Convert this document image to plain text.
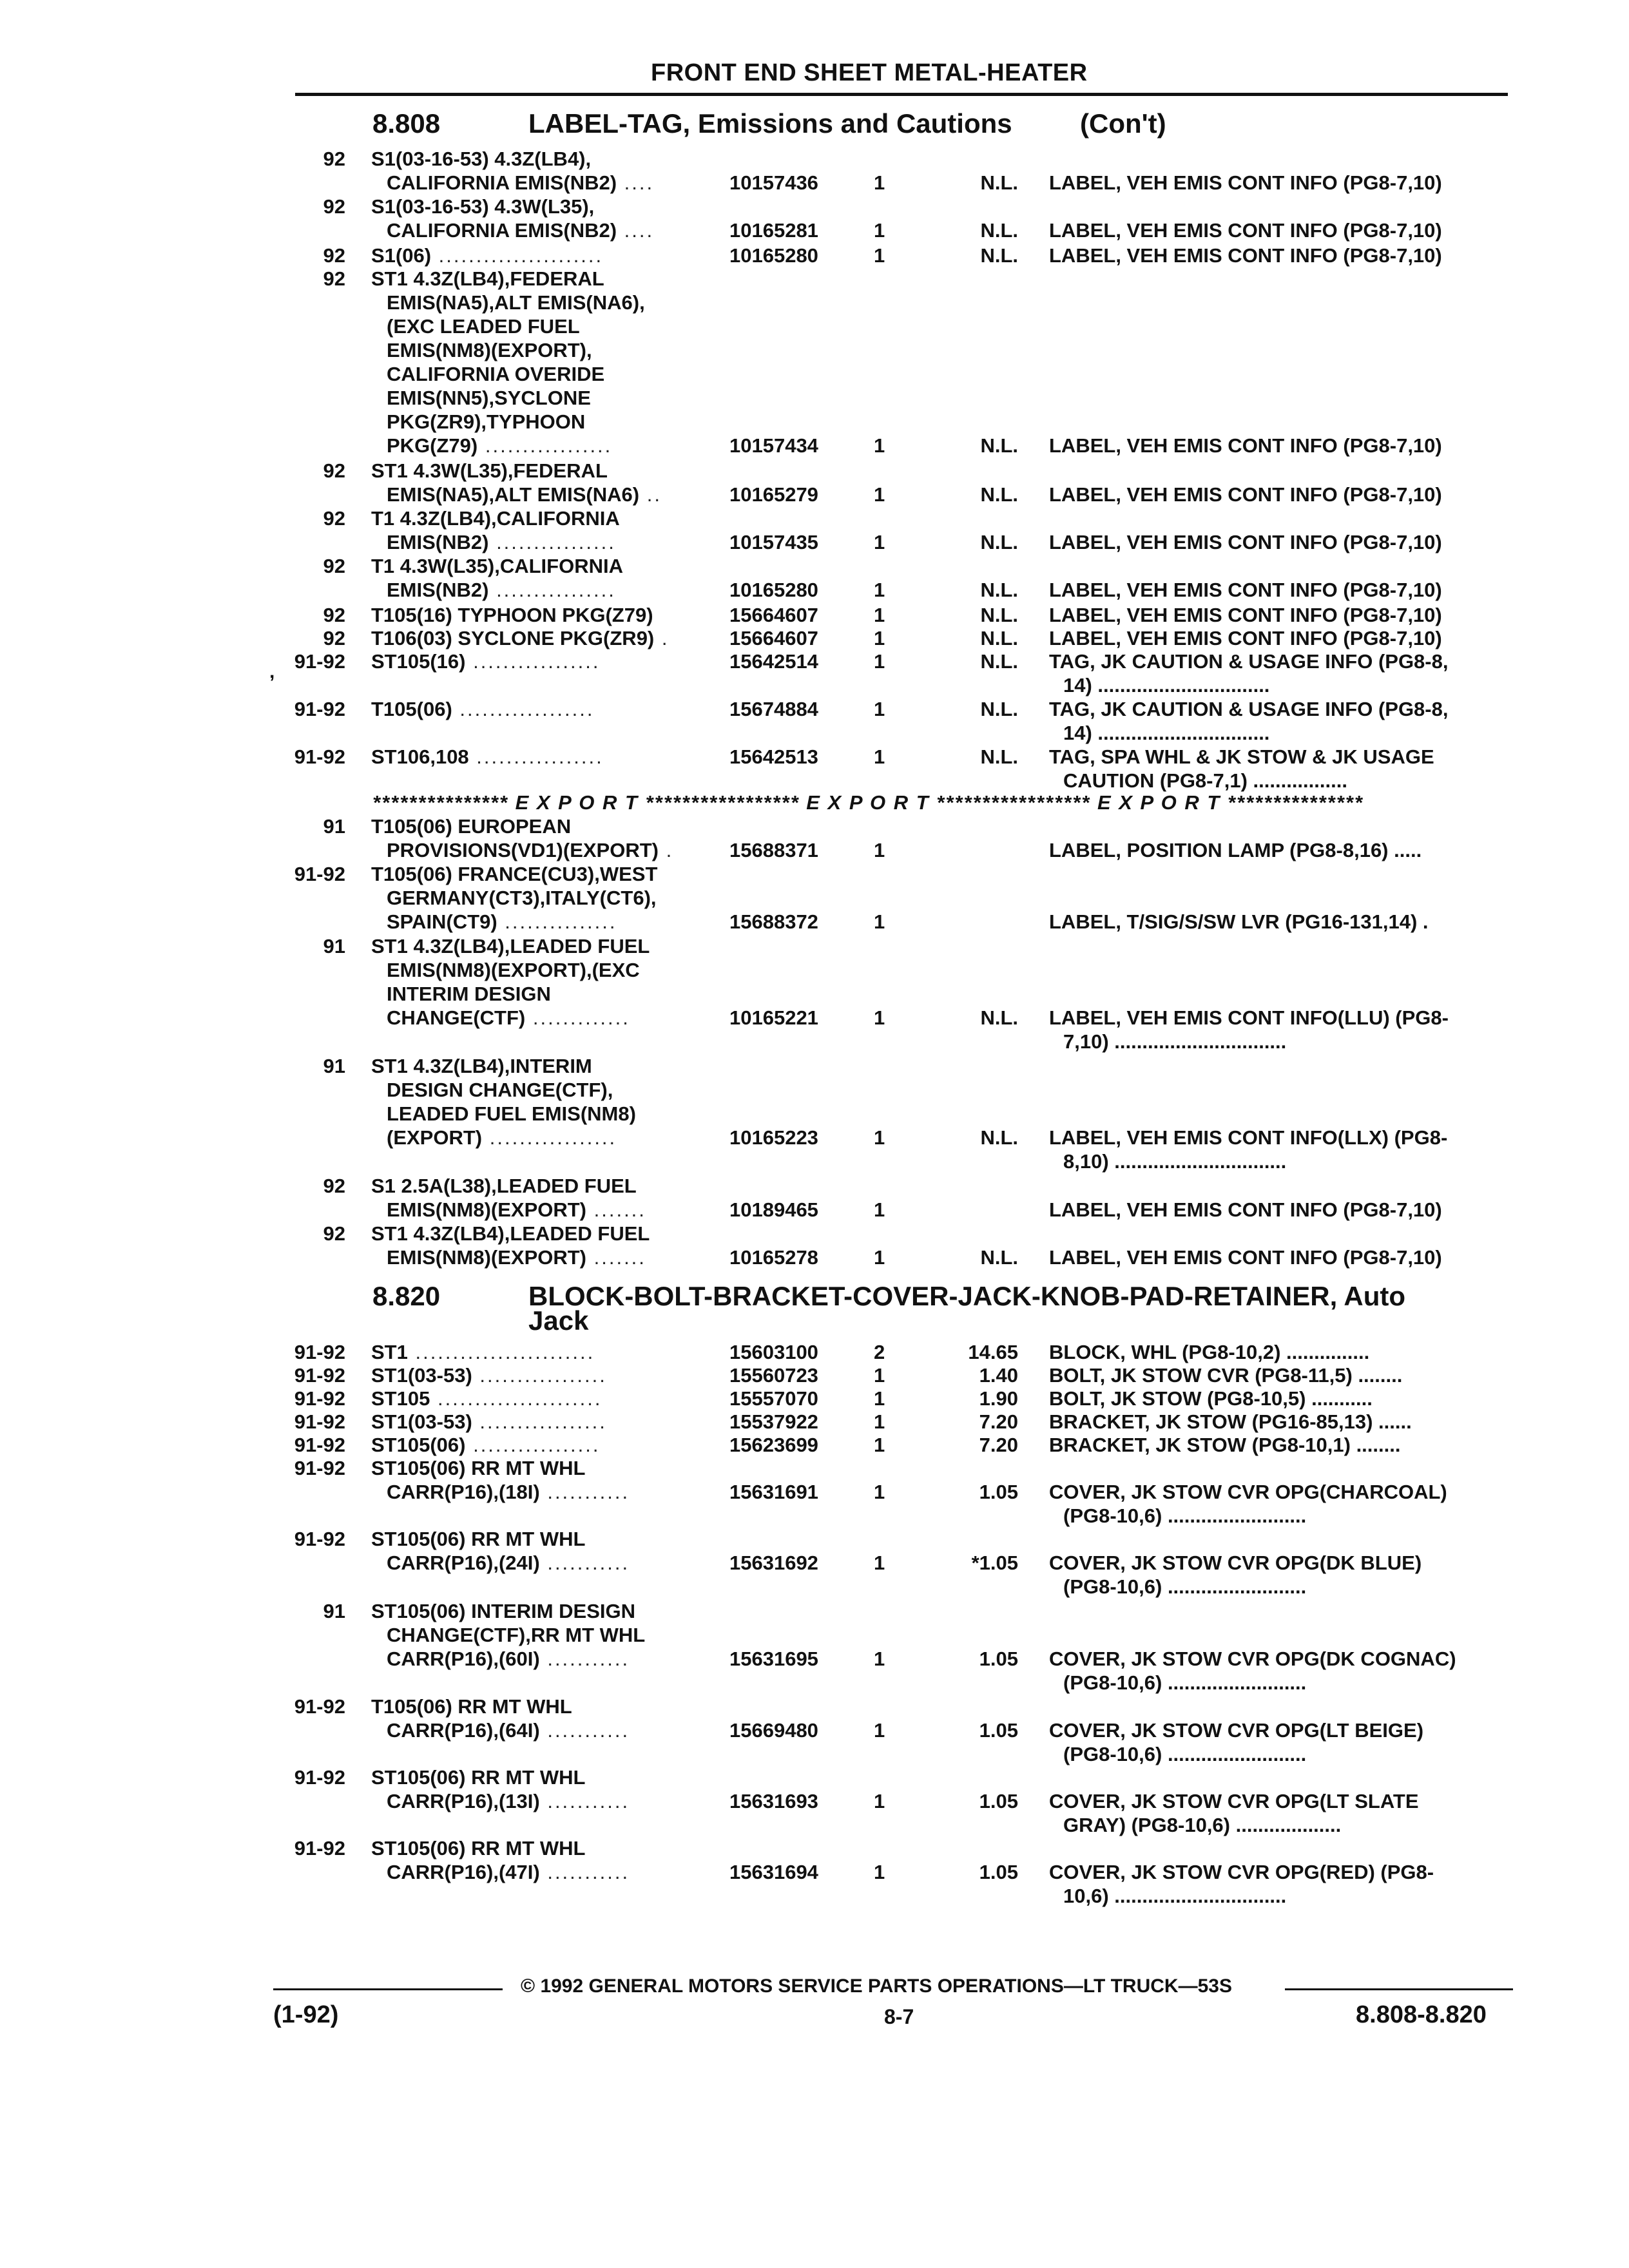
FRONT END SHEET METAL-HEATER
8.808	LABEL-TAG, Emissions and Cautions	(Con't)
92 S1(03-16-53) 4.3Z(LB4),
CALIFORNIA EMIS(NB2) ....	10157436	1	N.L. LABEL, VEH EMIS CONT INFO (PG8-7,10)
92 S1(03-16-53) 4.3W(L35),
CALIFORNIA EMIS(NB2) ....	10165281	1	N.L. LABEL, VEH EMIS CONT INFO (PG8-7,10)
92 S1(06) ......................	10165280	1	N.L. LABEL, VEH EMIS CONT INFO (PG8-7,10)
92 ST1 4.3Z(LB4),FEDERAL
EMIS(NA5),ALT EMIS(NA6),
(EXC LEADED FUEL
EMIS(NM8)(EXPORT),
CALIFORNIA OVERIDE
EMIS(NN5),SYCLONE
PKG(ZR9),TYPHOON
PKG(Z79) .................	10157434	1	N.L. LABEL, VEH EMIS CONT INFO (PG8-7,10)
92 ST1 4.3W(L35),FEDERAL
EMIS(NA5),ALT EMIS(NA6) ..	10165279	1	N.L. LABEL, VEH EMIS CONT INFO (PG8-7,10)
92 T1 4.3Z(LB4),CALIFORNIA
EMIS(NB2) ................	10157435	1	N.L. LABEL, VEH EMIS CONT INFO (PG8-7,10)
92 T1 4.3W(L35),CALIFORNIA
EMIS(NB2) ................	10165280	1	N.L. LABEL, VEH EMIS CONT INFO (PG8-7,10)
92 T105(16) TYPHOON PKG(Z79)	15664607	1	N.L. LABEL, VEH EMIS CONT INFO (PG8-7,10)
92 T106(03) SYCLONE PKG(ZR9) .	15664607	1	N.L. LABEL, VEH EMIS CONT INFO (PG8-7,10)
91-92 ST105(16) .................	15642514	1	N.L. TAG, JK CAUTION & USAGE INFO (PG8-8,
14) ...............................
91-92 T105(06) ..................	15674884	1	N.L. TAG, JK CAUTION & USAGE INFO (PG8-8,
14) ...............................
91-92 ST106,108 .................	15642513	1	N.L. TAG, SPA WHL & JK STOW & JK USAGE
CAUTION (PG8-7,1) .................
*************** E X P O R T ***************** E X P O R T ***************** E X P O R T ***************
91 T105(06) EUROPEAN
PROVISIONS(VD1)(EXPORT) .	15688371	1	LABEL, POSITION LAMP (PG8-8,16) .....
91-92 T105(06) FRANCE(CU3),WEST
GERMANY(CT3),ITALY(CT6),
SPAIN(CT9) ...............	15688372	1	LABEL, T/SIG/S/SW LVR (PG16-131,14) .
91 ST1 4.3Z(LB4),LEADED FUEL
EMIS(NM8)(EXPORT),(EXC
INTERIM DESIGN
CHANGE(CTF) .............	10165221	1	N.L. LABEL, VEH EMIS CONT INFO(LLU) (PG8-
7,10) ...............................
91 ST1 4.3Z(LB4),INTERIM
DESIGN CHANGE(CTF),
LEADED FUEL EMIS(NM8)
(EXPORT) .................	10165223	1	N.L. LABEL, VEH EMIS CONT INFO(LLX) (PG8-
8,10) ...............................
92 S1 2.5A(L38),LEADED FUEL
EMIS(NM8)(EXPORT) .......	10189465	1	LABEL, VEH EMIS CONT INFO (PG8-7,10)
92 ST1 4.3Z(LB4),LEADED FUEL
EMIS(NM8)(EXPORT) .......	10165278	1	N.L. LABEL, VEH EMIS CONT INFO (PG8-7,10)
8.820	BLOCK-BOLT-BRACKET-COVER-JACK-KNOB-PAD-RETAINER, Auto
Jack
91-92 ST1 ........................	15603100	2	14.65 BLOCK, WHL (PG8-10,2) ...............
91-92 ST1(03-53) .................	15560723	1	1.40 BOLT, JK STOW CVR (PG8-11,5) ........
91-92 ST105 ......................	15557070	1	1.90 BOLT, JK STOW (PG8-10,5) ...........
91-92 ST1(03-53) .................	15537922	1	7.20 BRACKET, JK STOW (PG16-85,13) ......
91-92 ST105(06) .................	15623699	1	7.20 BRACKET, JK STOW (PG8-10,1) ........
91-92 ST105(06) RR MT WHL
CARR(P16),(18I) ...........	15631691	1	1.05 COVER, JK STOW CVR OPG(CHARCOAL)
(PG8-10,6) .........................
91-92 ST105(06) RR MT WHL
CARR(P16),(24I) ...........	15631692	1	*1.05 COVER, JK STOW CVR OPG(DK BLUE)
(PG8-10,6) .........................
91 ST105(06) INTERIM DESIGN
CHANGE(CTF),RR MT WHL
CARR(P16),(60I) ...........	15631695	1	1.05 COVER, JK STOW CVR OPG(DK COGNAC)
(PG8-10,6) .........................
91-92 T105(06) RR MT WHL
CARR(P16),(64I) ...........	15669480	1	1.05 COVER, JK STOW CVR OPG(LT BEIGE)
(PG8-10,6) .........................
91-92 ST105(06) RR MT WHL
CARR(P16),(13I) ...........	15631693	1	1.05 COVER, JK STOW CVR OPG(LT SLATE
GRAY) (PG8-10,6) ...................
91-92 ST105(06) RR MT WHL
CARR(P16),(47I) ...........	15631694	1	1.05 COVER, JK STOW CVR OPG(RED) (PG8-
10,6) ...............................
,
© 1992 GENERAL MOTORS SERVICE PARTS OPERATIONS—LT TRUCK—53S
(1-92)	8-7	8.808-8.820
